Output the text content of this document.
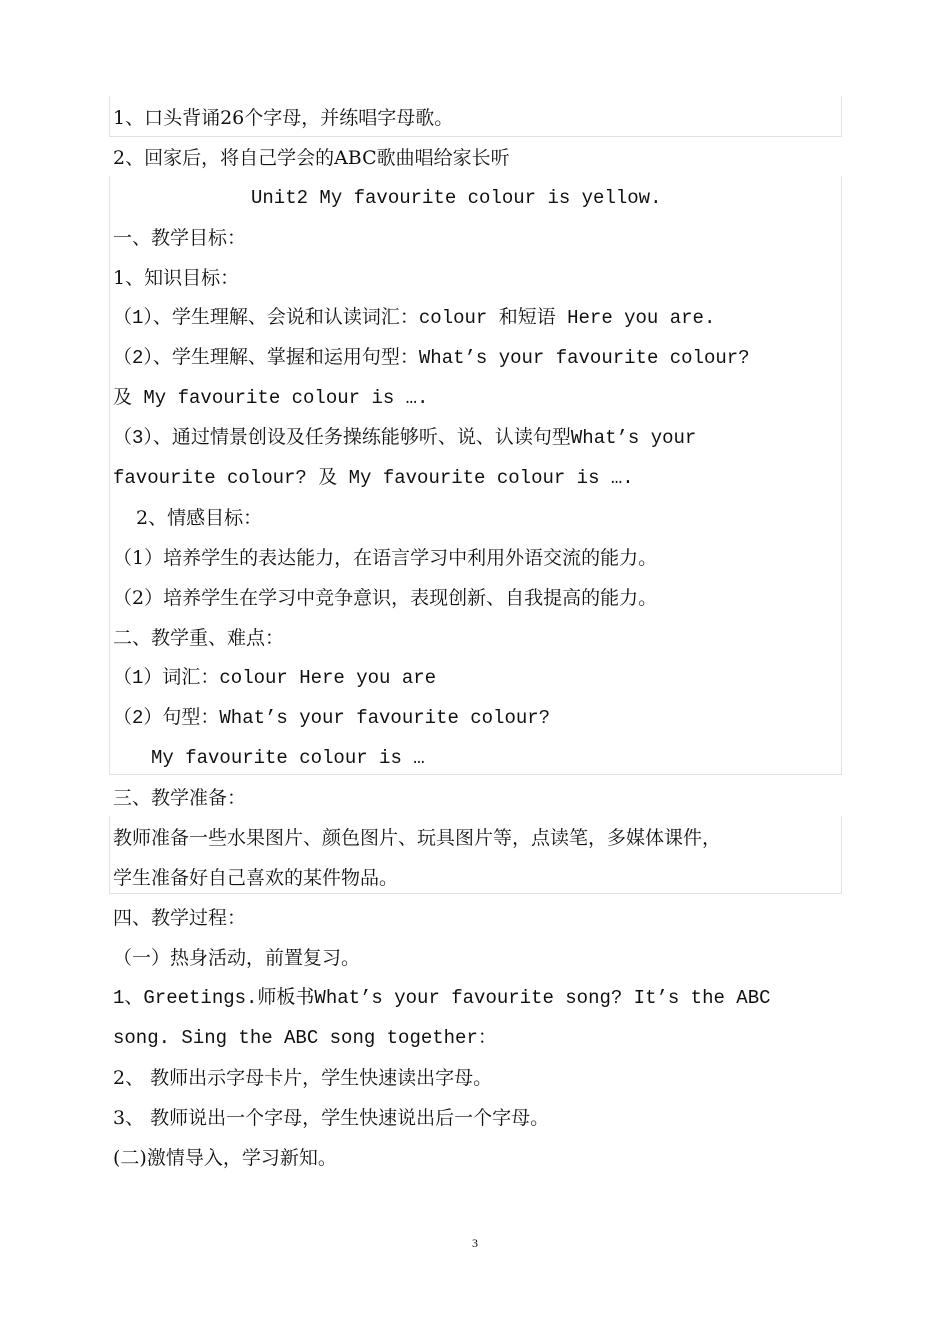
1、口头背诵26个字母，并练唱字母歌。
2、回家后，将自己学会的ABC歌曲唱给家长听
Unit2 My favourite colour is yellow.
一、教学目标：
1、知识目标：
（1）、学生理解、会说和认读词汇：colour 和短语 Here you are.
（2）、学生理解、掌握和运用句型：What’s your favourite colour?
及 My favourite colour is ….
（3）、通过情景创设及任务操练能够听、说、认读句型What’s your
favourite colour? 及 My favourite colour is ….
2、情感目标：
（1）培养学生的表达能力，在语言学习中利用外语交流的能力。
（2）培养学生在学习中竞争意识，表现创新、自我提高的能力。
二、教学重、难点：
（1）词汇：colour Here you are
（2）句型：What’s your favourite colour?
My favourite colour is …
三、教学准备：
教师准备一些水果图片、颜色图片、玩具图片等，点读笔，多媒体课件，
学生准备好自己喜欢的某件物品。
四、教学过程：
（一）热身活动，前置复习。
1、Greetings.师板书What’s your favourite song? It’s the ABC
song. Sing the ABC song together：
2、 教师出示字母卡片，学生快速读出字母。
3、 教师说出一个字母，学生快速说出后一个字母。
(二)激情导入，学习新知。
3
